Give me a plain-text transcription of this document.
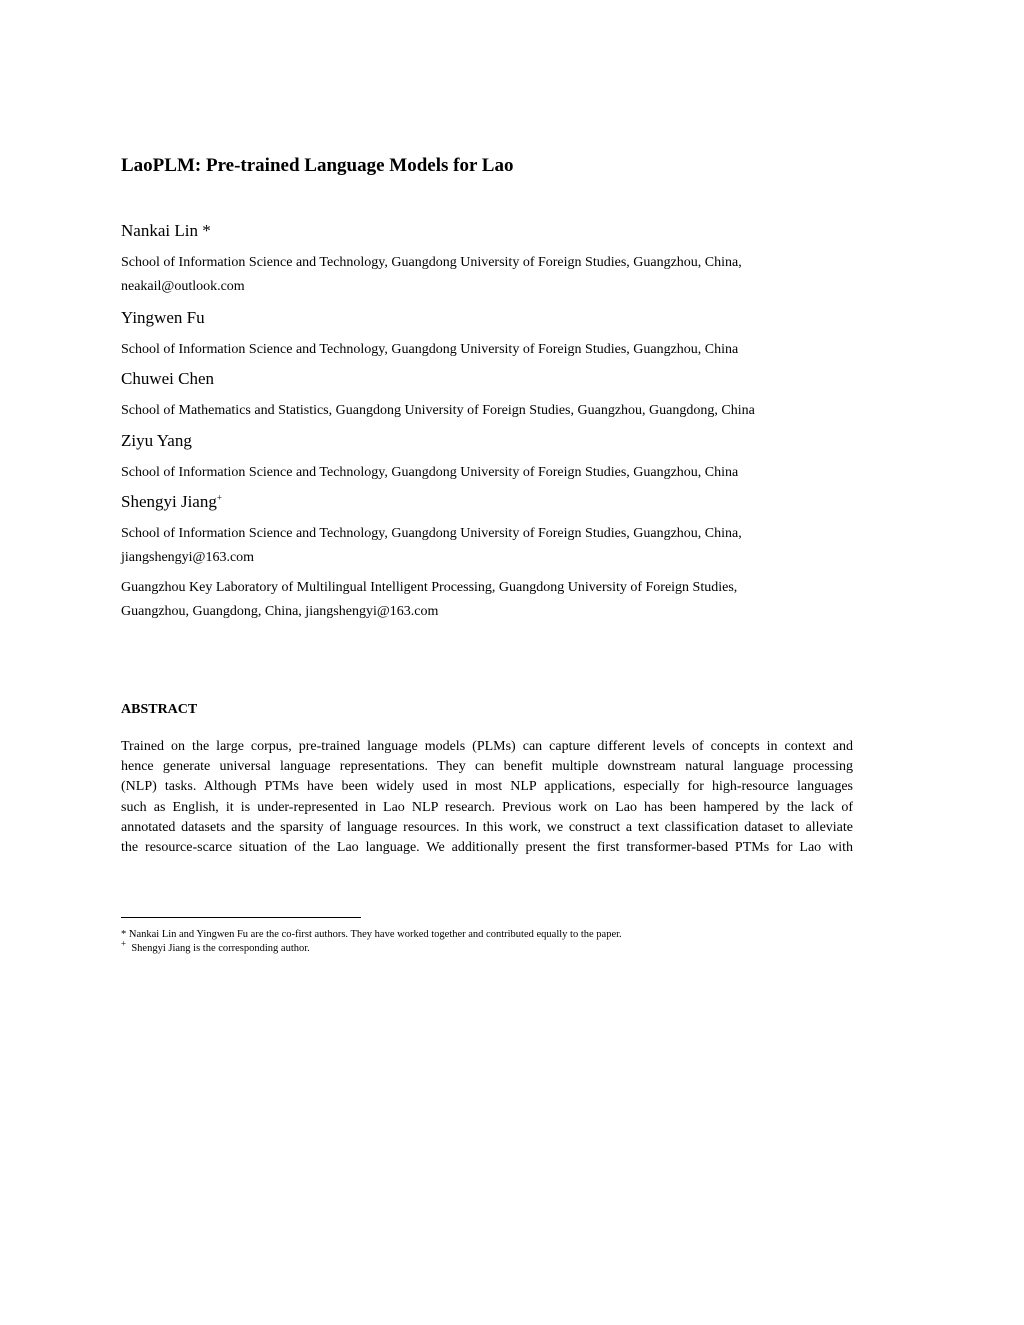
LaoPLM: Pre-trained Language Models for Lao
Nankai Lin *
School of Information Science and Technology, Guangdong University of Foreign Studies, Guangzhou, China,
neakail@outlook.com
Yingwen Fu
School of Information Science and Technology, Guangdong University of Foreign Studies, Guangzhou, China
Chuwei Chen
School of Mathematics and Statistics, Guangdong University of Foreign Studies, Guangzhou, Guangdong, China
Ziyu Yang
School of Information Science and Technology, Guangdong University of Foreign Studies, Guangzhou, China
Shengyi Jiang+
School of Information Science and Technology, Guangdong University of Foreign Studies, Guangzhou, China,
jiangshengyi@163.com
Guangzhou Key Laboratory of Multilingual Intelligent Processing, Guangdong University of Foreign Studies,
Guangzhou, Guangdong, China, jiangshengyi@163.com
ABSTRACT
Trained on the large corpus, pre-trained language models (PLMs) can capture different levels of concepts in context and
hence generate universal language representations. They can benefit multiple downstream natural language processing
(NLP) tasks. Although PTMs have been widely used in most NLP applications, especially for high-resource languages
such as English, it is under-represented in Lao NLP research. Previous work on Lao has been hampered by the lack of
annotated datasets and the sparsity of language resources. In this work, we construct a text classification dataset to alleviate
the resource-scarce situation of the Lao language. We additionally present the first transformer-based PTMs for Lao with
* Nankai Lin and Yingwen Fu are the co-first authors. They have worked together and contributed equally to the paper.
+ Shengyi Jiang is the corresponding author.
